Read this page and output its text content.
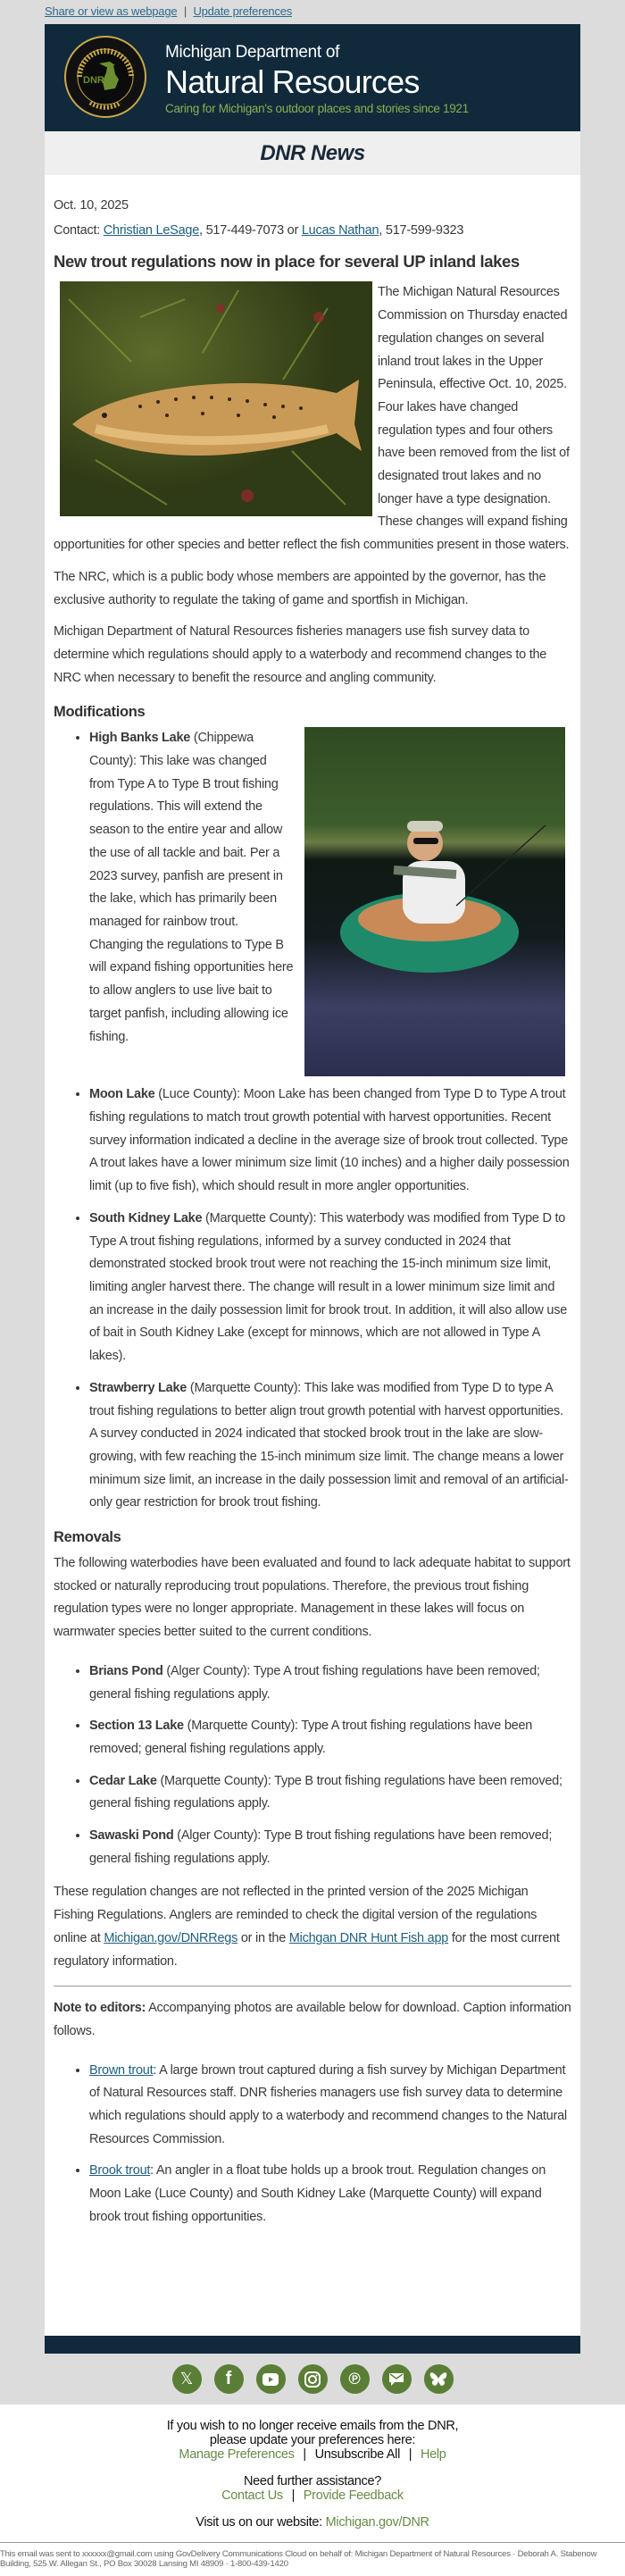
Share or view as webpage | Update preferences
DNR
Michigan Department of
Natural Resources
Caring for Michigan's outdoor places and stories since 1921
DNR News

Oct. 10, 2025

Contact: Christian LeSage, 517-449-7073 or Lucas Nathan, 517-599-9323

New trout regulations now in place for several UP inland lakes

The Michigan Natural Resources Commission on Thursday enacted regulation changes on several inland trout lakes in the Upper Peninsula, effective Oct. 10, 2025. Four lakes have changed regulation types and four others have been removed from the list of designated trout lakes and no longer have a type designation. These changes will expand fishing opportunities for other species and better reflect the fish communities present in those waters.

The NRC, which is a public body whose members are appointed by the governor, has the exclusive authority to regulate the taking of game and sportfish in Michigan.

Michigan Department of Natural Resources fisheries managers use fish survey data to determine which regulations should apply to a waterbody and recommend changes to the NRC when necessary to benefit the resource and angling community.

Modifications
• High Banks Lake (Chippewa County): This lake was changed from Type A to Type B trout fishing regulations. This will extend the season to the entire year and allow the use of all tackle and bait. Per a 2023 survey, panfish are present in the lake, which has primarily been managed for rainbow trout. Changing the regulations to Type B will expand fishing opportunities here to allow anglers to use live bait to target panfish, including allowing ice fishing.
• Moon Lake (Luce County): Moon Lake has been changed from Type D to Type A trout fishing regulations to match trout growth potential with harvest opportunities. Recent survey information indicated a decline in the average size of brook trout collected. Type A trout lakes have a lower minimum size limit (10 inches) and a higher daily possession limit (up to five fish), which should result in more angler opportunities.
• South Kidney Lake (Marquette County): This waterbody was modified from Type D to Type A trout fishing regulations, informed by a survey conducted in 2024 that demonstrated stocked brook trout were not reaching the 15-inch minimum size limit, limiting angler harvest there. The change will result in a lower minimum size limit and an increase in the daily possession limit for brook trout. In addition, it will also allow use of bait in South Kidney Lake (except for minnows, which are not allowed in Type A lakes).
• Strawberry Lake (Marquette County): This lake was modified from Type D to type A trout fishing regulations to better align trout growth potential with harvest opportunities. A survey conducted in 2024 indicated that stocked brook trout in the lake are slow-growing, with few reaching the 15-inch minimum size limit. The change means a lower minimum size limit, an increase in the daily possession limit and removal of an artificial-only gear restriction for brook trout fishing.
Removals

The following waterbodies have been evaluated and found to lack adequate habitat to support stocked or naturally reproducing trout populations. Therefore, the previous trout fishing regulation types were no longer appropriate. Management in these lakes will focus on warmwater species better suited to the current conditions.

• Brians Pond (Alger County): Type A trout fishing regulations have been removed; general fishing regulations apply.
• Section 13 Lake (Marquette County): Type A trout fishing regulations have been removed; general fishing regulations apply.
• Cedar Lake (Marquette County): Type B trout fishing regulations have been removed; general fishing regulations apply.
• Sawaski Pond (Alger County): Type B trout fishing regulations have been removed; general fishing regulations apply.

These regulation changes are not reflected in the printed version of the 2025 Michigan Fishing Regulations. Anglers are reminded to check the digital version of the regulations online at Michigan.gov/DNRRegs or in the Michgan DNR Hunt Fish app for the most current regulatory information.

Note to editors: Accompanying photos are available below for download. Caption information follows.

• Brown trout: A large brown trout captured during a fish survey by Michigan Department of Natural Resources staff. DNR fisheries managers use fish survey data to determine which regulations should apply to a waterbody and recommend changes to the Natural Resources Commission.
• Brook trout: An angler in a float tube holds up a brook trout. Regulation changes on Moon Lake (Luce County) and South Kidney Lake (Marquette County) will expand brook trout fishing opportunities.
𝕏 f	℗

If you wish to no longer receive emails from the DNR,
please update your preferences here:
Manage Preferences | Unsubscribe All | Help

Need further assistance?
Contact Us | Provide Feedback

Visit us on our website: Michigan.gov/DNR

This email was sent to xxxxxx@gmail.com using GovDelivery Communications Cloud on behalf of: Michigan Department of Natural Resources · Deborah A. Stabenow Building, 525 W. Allegan St., PO Box 30028 Lansing MI 48909 · 1-800-439-1420
